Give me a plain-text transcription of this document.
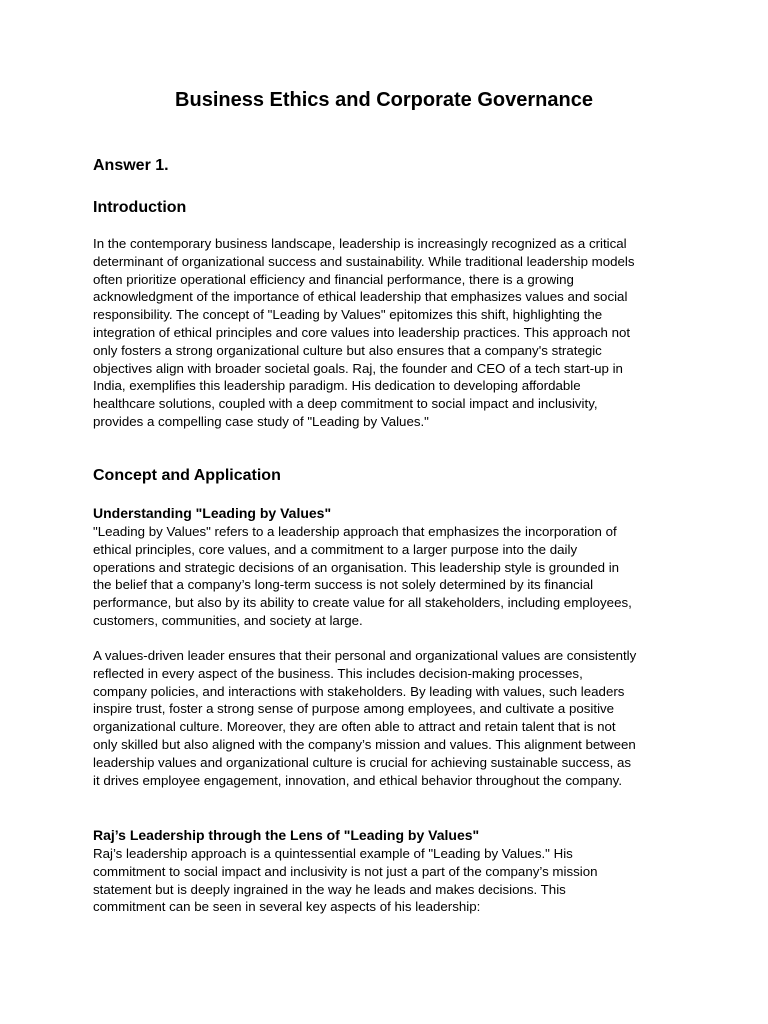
Business Ethics and Corporate Governance
Answer 1.
Introduction

In the contemporary business landscape, leadership is increasingly recognized as a critical
determinant of organizational success and sustainability. While traditional leadership models
often prioritize operational efficiency and financial performance, there is a growing
acknowledgment of the importance of ethical leadership that emphasizes values and social
responsibility. The concept of "Leading by Values" epitomizes this shift, highlighting the
integration of ethical principles and core values into leadership practices. This approach not
only fosters a strong organizational culture but also ensures that a company's strategic
objectives align with broader societal goals. Raj, the founder and CEO of a tech start-up in
India, exemplifies this leadership paradigm. His dedication to developing affordable
healthcare solutions, coupled with a deep commitment to social impact and inclusivity,
provides a compelling case study of "Leading by Values."

Concept and Application
Understanding "Leading by Values"

"Leading by Values" refers to a leadership approach that emphasizes the incorporation of
ethical principles, core values, and a commitment to a larger purpose into the daily
operations and strategic decisions of an organisation. This leadership style is grounded in
the belief that a company’s long-term success is not solely determined by its financial
performance, but also by its ability to create value for all stakeholders, including employees,
customers, communities, and society at large.

A values-driven leader ensures that their personal and organizational values are consistently
reflected in every aspect of the business. This includes decision-making processes,
company policies, and interactions with stakeholders. By leading with values, such leaders
inspire trust, foster a strong sense of purpose among employees, and cultivate a positive
organizational culture. Moreover, they are often able to attract and retain talent that is not
only skilled but also aligned with the company’s mission and values. This alignment between
leadership values and organizational culture is crucial for achieving sustainable success, as
it drives employee engagement, innovation, and ethical behavior throughout the company.

Raj’s Leadership through the Lens of "Leading by Values"

Raj’s leadership approach is a quintessential example of "Leading by Values." His
commitment to social impact and inclusivity is not just a part of the company’s mission
statement but is deeply ingrained in the way he leads and makes decisions. This
commitment can be seen in several key aspects of his leadership:
